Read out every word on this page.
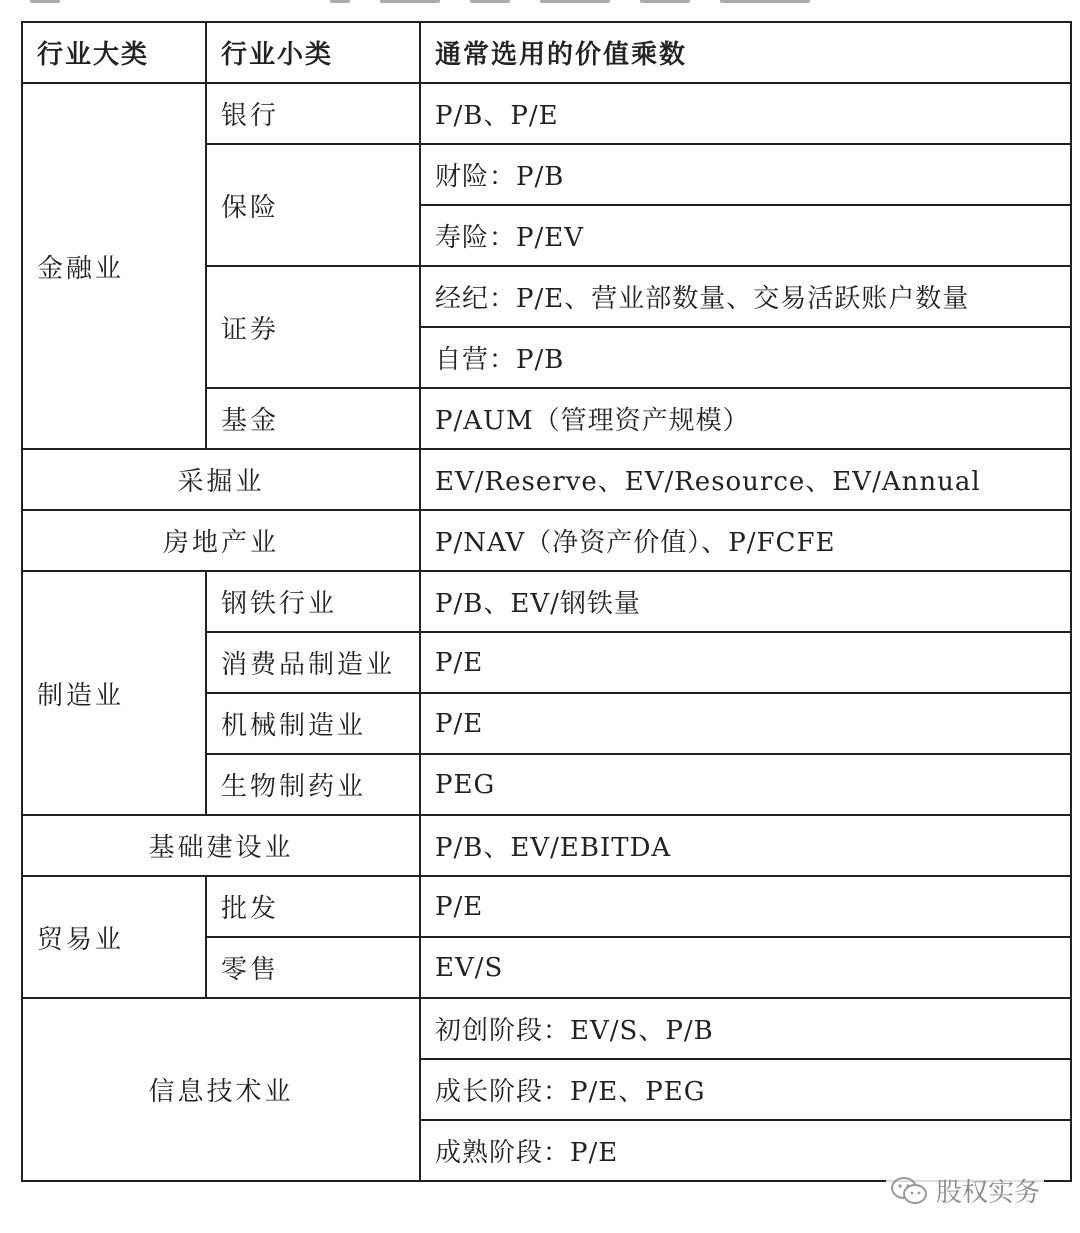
行业大类	行业小类	通常选用的价值乘数
金融业	银行	P/B、P/E
	保险	财险：P/B
		寿险：P/EV
	证券	经纪：P/E、营业部数量、交易活跃账户数量
		自营：P/B
	基金	P/AUM（管理资产规模）
采掘业		EV/Reserve、EV/Resource、EV/Annual
房地产业		P/NAV（净资产价值）、P/FCFE
制造业	钢铁行业	P/B、EV/钢铁量
	消费品制造业	P/E
	机械制造业	P/E
	生物制药业	PEG
基础建设业		P/B、EV/EBITDA
贸易业	批发	P/E
	零售	EV/S
信息技术业		初创阶段：EV/S、P/B
		成长阶段：P/E、PEG
		成熟阶段：P/E
股权实务
